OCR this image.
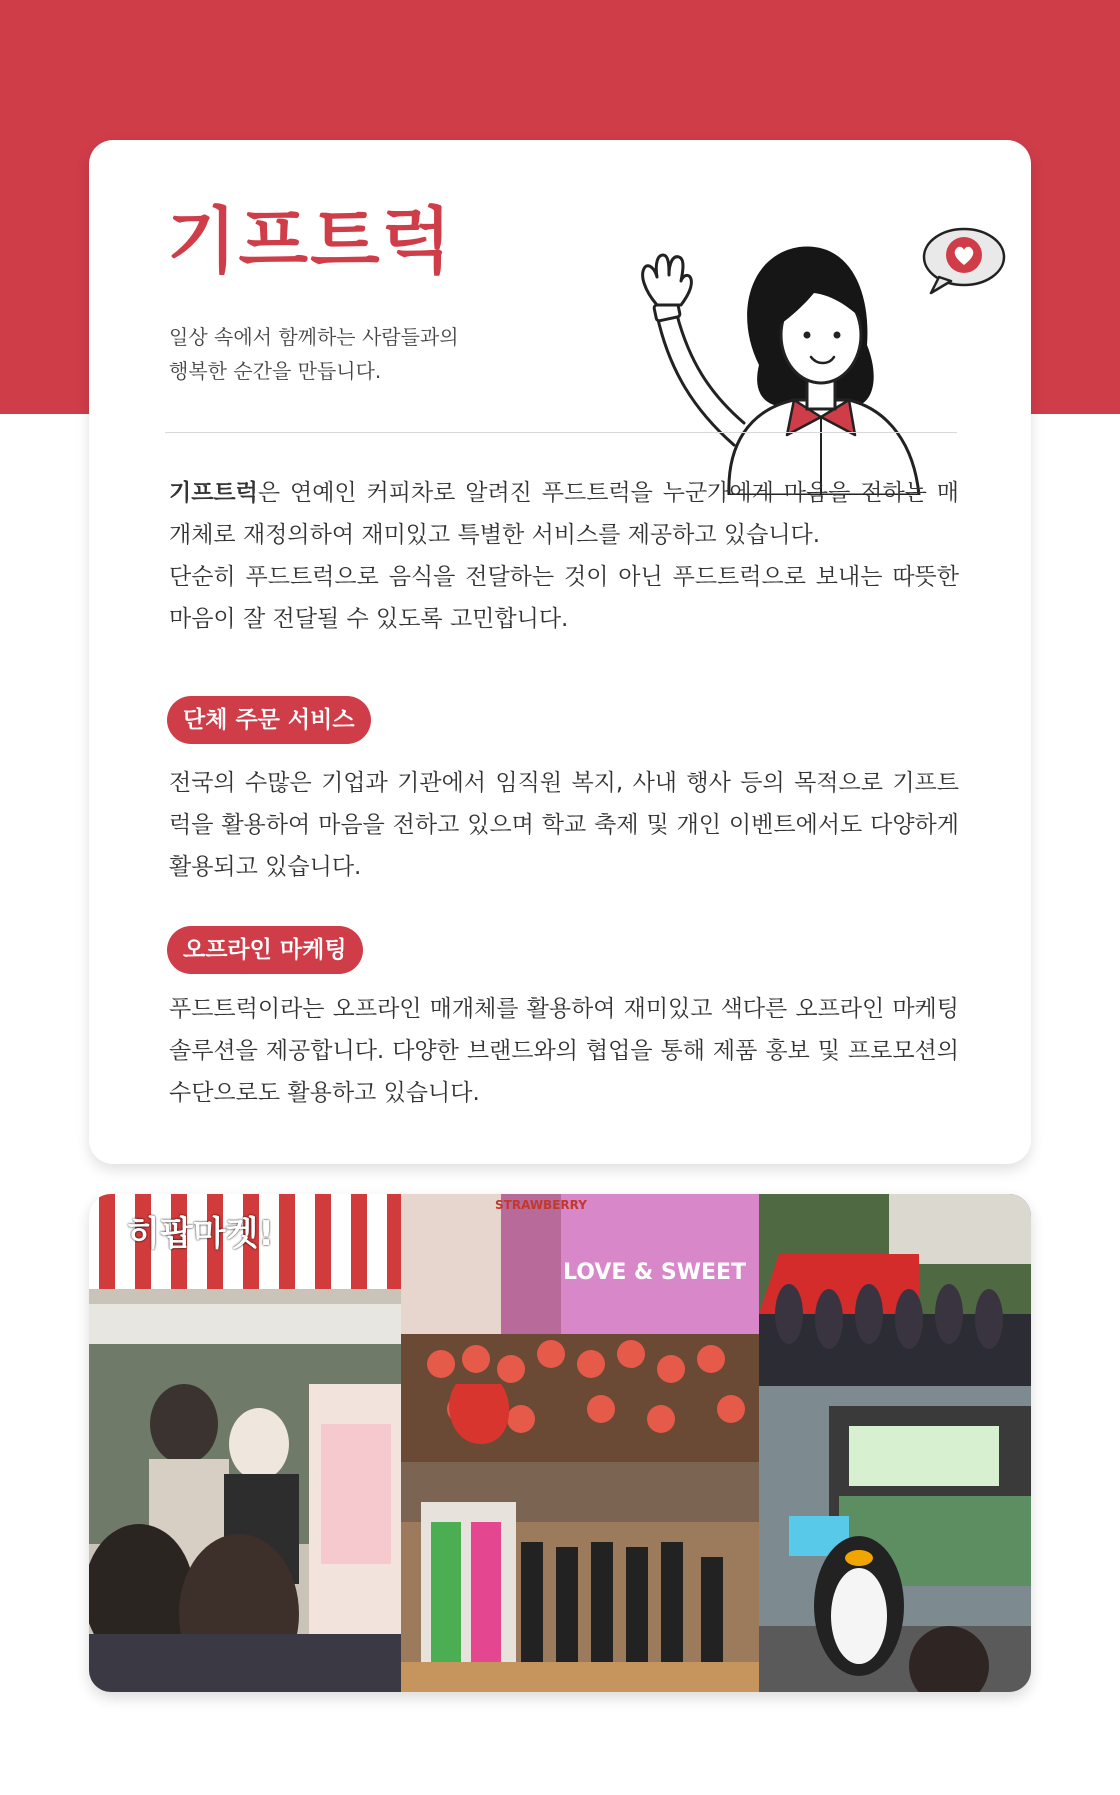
기프트럭

일상 속에서 함께하는 사람들과의
행복한 순간을 만듭니다.

기프트럭은 연예인 커피차로 알려진 푸드트럭을 누군가에게 마음을 전하는 매개체로 재정의하여 재미있고 특별한 서비스를 제공하고 있습니다.
단순히 푸드트럭으로 음식을 전달하는 것이 아닌 푸드트럭으로 보내는 따뜻한 마음이 잘 전달될 수 있도록 고민합니다.

단체 주문 서비스

전국의 수많은 기업과 기관에서 임직원 복지, 사내 행사 등의 목적으로 기프트럭을 활용하여 마음을 전하고 있으며 학교 축제 및 개인 이벤트에서도 다양하게 활용되고 있습니다.

오프라인 마케팅

푸드트럭이라는 오프라인 매개체를 활용하여 재미있고 색다른 오프라인 마케팅 솔루션을 제공합니다. 다양한 브랜드와의 협업을 통해 제품 홍보 및 프로모션의 수단으로도 활용하고 있습니다.

히팝마켓!
LOVE & SWEET
STRAWBERRY
